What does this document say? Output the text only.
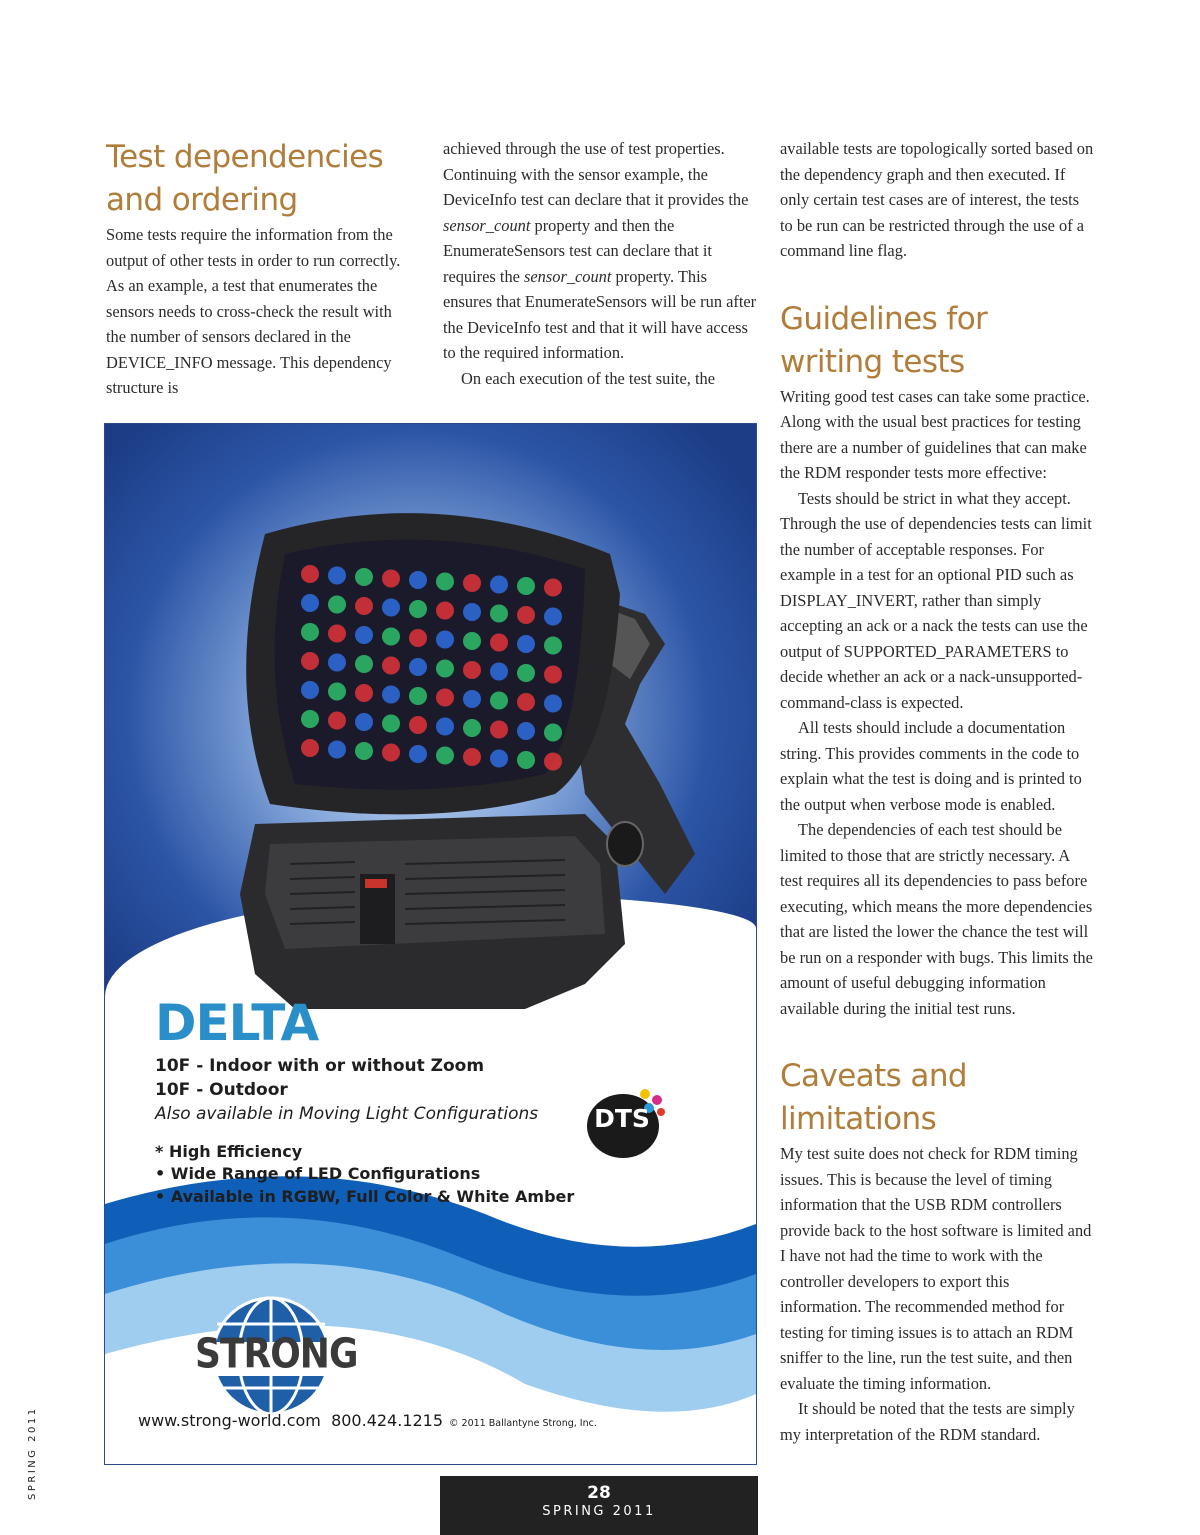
Test dependencies
and ordering

Some tests require the information from the output of other tests in order to run correctly. As an example, a test that enumerates the sensors needs to cross-check the result with the number of sensors declared in the DEVICE_INFO message. This dependency structure is

achieved through the use of test properties. Continuing with the sensor example, the DeviceInfo test can declare that it provides the sensor_count property and then the EnumerateSensors test can declare that it requires the sensor_count property. This ensures that EnumerateSensors will be run after the DeviceInfo test and that it will have access to the required information.

On each execution of the test suite, the

available tests are topologically sorted based on the dependency graph and then executed. If only certain test cases are of interest, the tests to be run can be restricted through the use of a command line flag.

Guidelines for
writing tests

Writing good test cases can take some practice. Along with the usual best practices for testing there are a number of guidelines that can make the RDM responder tests more effective:

Tests should be strict in what they accept. Through the use of dependencies tests can limit the number of acceptable responses. For example in a test for an optional PID such as DISPLAY_INVERT, rather than simply accepting an ack or a nack the tests can use the output of SUPPORTED_PARAMETERS to decide whether an ack or a nack-unsupported-command-class is expected.

All tests should include a documentation string. This provides comments in the code to explain what the test is doing and is printed to the output when verbose mode is enabled.

The dependencies of each test should be limited to those that are strictly necessary. A test requires all its dependencies to pass before executing, which means the more dependencies that are listed the lower the chance the test will be run on a responder with bugs. This limits the amount of useful debugging information available during the initial test runs.

Caveats and limitations

My test suite does not check for RDM timing issues. This is because the level of timing information that the USB RDM controllers provide back to the host software is limited and I have not had the time to work with the controller developers to export this information. The recommended method for testing for timing issues is to attach an RDM sniffer to the line, run the test suite, and then evaluate the timing information.

It should be noted that the tests are simply my interpretation of the RDM standard.

STRONG

DELTA

10F - Indoor with or without Zoom

10F - Outdoor

Also available in Moving Light Configurations

* High Efficiency

• Wide Range of LED Configurations

• Available in RGBW, Full Color & White Amber

DTS

www.strong-world.com 800.424.1215 © 2011 Ballantyne Strong, Inc.

SPRING 2011	28
SPRING 2011
